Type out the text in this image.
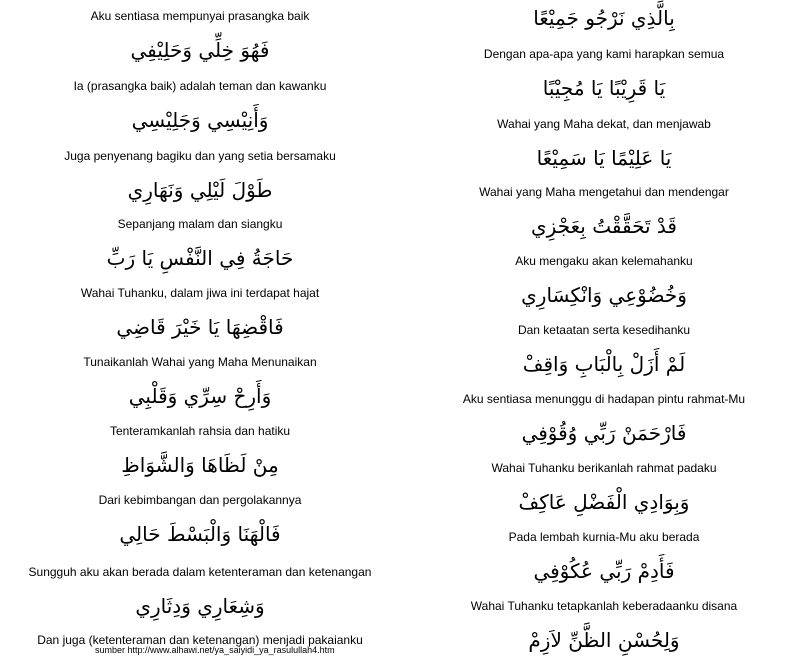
Aku sentiasa mempunyai prasangka baik
فَهُوَ خِلِّي وَحَلِيْفِي
Ia (prasangka baik) adalah teman dan kawanku
وَأَنِيْسِي وَجَلِيْسِي
Juga penyenang bagiku dan yang setia bersamaku
طَوْلَ لَيْلِي وَنَهَارِي
Sepanjang malam dan siangku
حَاجَةُ فِي النَّفْسِ يَا رَبِّ
Wahai Tuhanku, dalam jiwa ini terdapat hajat
فَاقْضِهَا يَا خَيْرَ قَاضِي
Tunaikanlah Wahai yang Maha Menunaikan
وَأَرِحْ سِرِّي وَقَلْبِي
Tenteramkanlah rahsia dan hatiku
مِنْ لَظَاهَا وَالشَّوَاظِ
Dari kebimbangan dan pergolakannya
فَالْهَنَا وَالْبَسْطَ حَالِي
Sungguh aku akan berada dalam ketenteraman dan ketenangan
وَشِعَارِي وَدِثَارِي
Dan juga (ketenteraman dan ketenangan) menjadi pakaianku
بِالَّذِي نَرْجُو جَمِيْعًا
Dengan apa-apa yang kami harapkan semua
يَا قَرِيْبًا يَا مُجِيْبًا
Wahai yang Maha dekat, dan menjawab
يَا عَلِيْمًا يَا سَمِيْعًا
Wahai yang Maha mengetahui dan mendengar
قَدْ تَحَقَّقْتُ بِعَجْزِي
Aku mengaku akan kelemahanku
وَخُضُوْعِي وَانْكِسَارِي
Dan ketaatan serta kesedihanku
لَمْ أَزَلْ بِالْبَابِ وَاقِفْ
Aku sentiasa menunggu di hadapan pintu rahmat-Mu
فَارْحَمَنْ رَبِّي وُقُوْفِي
Wahai Tuhanku berikanlah rahmat padaku
وَبِوَادِي الْفَضْلِ عَاكِفْ
Pada lembah kurnia-Mu aku berada
فَأَدِمْ رَبِّي عُكُوْفِي
Wahai Tuhanku tetapkanlah keberadaanku disana
وَلِحُسْنِ الظَّنِّ لاَزِمْ
sumber http://www.alhawi.net/ya_saiyidi_ya_rasulullah4.htm
